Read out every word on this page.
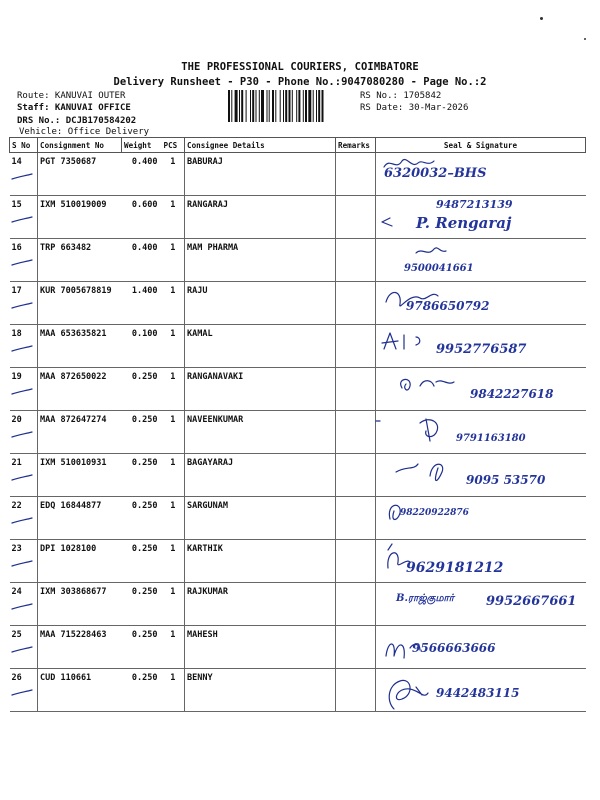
THE PROFESSIONAL COURIERS, COIMBATORE
Delivery Runsheet - P30 - Phone No.:9047080280 - Page No.:2
Route: KANUVAI OUTER
Staff: KANUVAI OFFICE
DRS No.: DCJB170584202
Vehicle: Office Delivery
RS No.: 1705842
RS Date: 30-Mar-2026
S No	Consignment No	Weight	PCS	Consignee Details	Remarks	Seal & Signature
14	PGT 7350687	0.400	1	BABURAJ		6320032–BHS

15	IXM 510019009	0.600	1	RANGARAJ		9487213139
P. Rengaraj

16	TRP 663482	0.400	1	MAM PHARMA		9500041661

17	KUR 7005678819	1.400	1	RAJU		9786650792

18	MAA 653635821	0.100	1	KAMAL		9952776587

19	MAA 872650022	0.250	1	RANGANAVAKI		9842227618

20	MAA 872647274	0.250	1	NAVEENKUMAR		9791163180

21	IXM 510010931	0.250	1	BAGAYARAJ		9095 53570

22	EDQ 16844877	0.250	1	SARGUNAM		98220922876

23	DPI 1028100	0.250	1	KARTHIK		9629181212

24	IXM 303868677	0.250	1	RAJKUMAR		9952667661
B.ராஜ்குமார்

25	MAA 715228463	0.250	1	MAHESH		9566663666

26	CUD 110661	0.250	1	BENNY		9442483115
